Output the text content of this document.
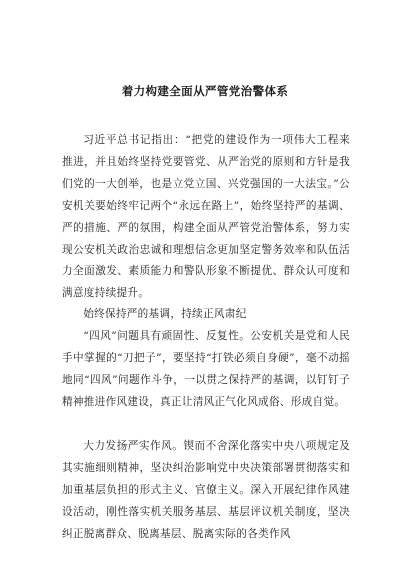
着力构建全面从严管党治警体系

习近平总书记指出：“把党的建设作为一项伟大工程来推进，并且始终坚持党要管党、从严治党的原则和方针是我们党的一大创举，也是立党立国、兴党强国的一大法宝。”公安机关要始终牢记两个“永远在路上”，始终坚持严的基调、严的措施、严的氛围，构建全面从严管党治警体系，努力实现公安机关政治忠诚和理想信念更加坚定警务效率和队伍活力全面激发、素质能力和警队形象不断提优、群众认可度和满意度持续提升。

始终保持严的基调，持续正风肃纪

“四风”问题具有顽固性、反复性。公安机关是党和人民手中掌握的“刀把子”，要坚持“打铁必须自身硬”，毫不动摇地同“四风”问题作斗争，一以贯之保持严的基调，以钉钉子精神推进作风建设，真正让清风正气化风成俗、形成自觉。

大力发扬严实作风。锲而不舍深化落实中央八项规定及其实施细则精神，坚决纠治影响党中央决策部署贯彻落实和加重基层负担的形式主义、官僚主义。深入开展纪律作风建设活动，刚性落实机关服务基层、基层评议机关制度，坚决纠正脱离群众、脱离基层、脱离实际的各类作风
